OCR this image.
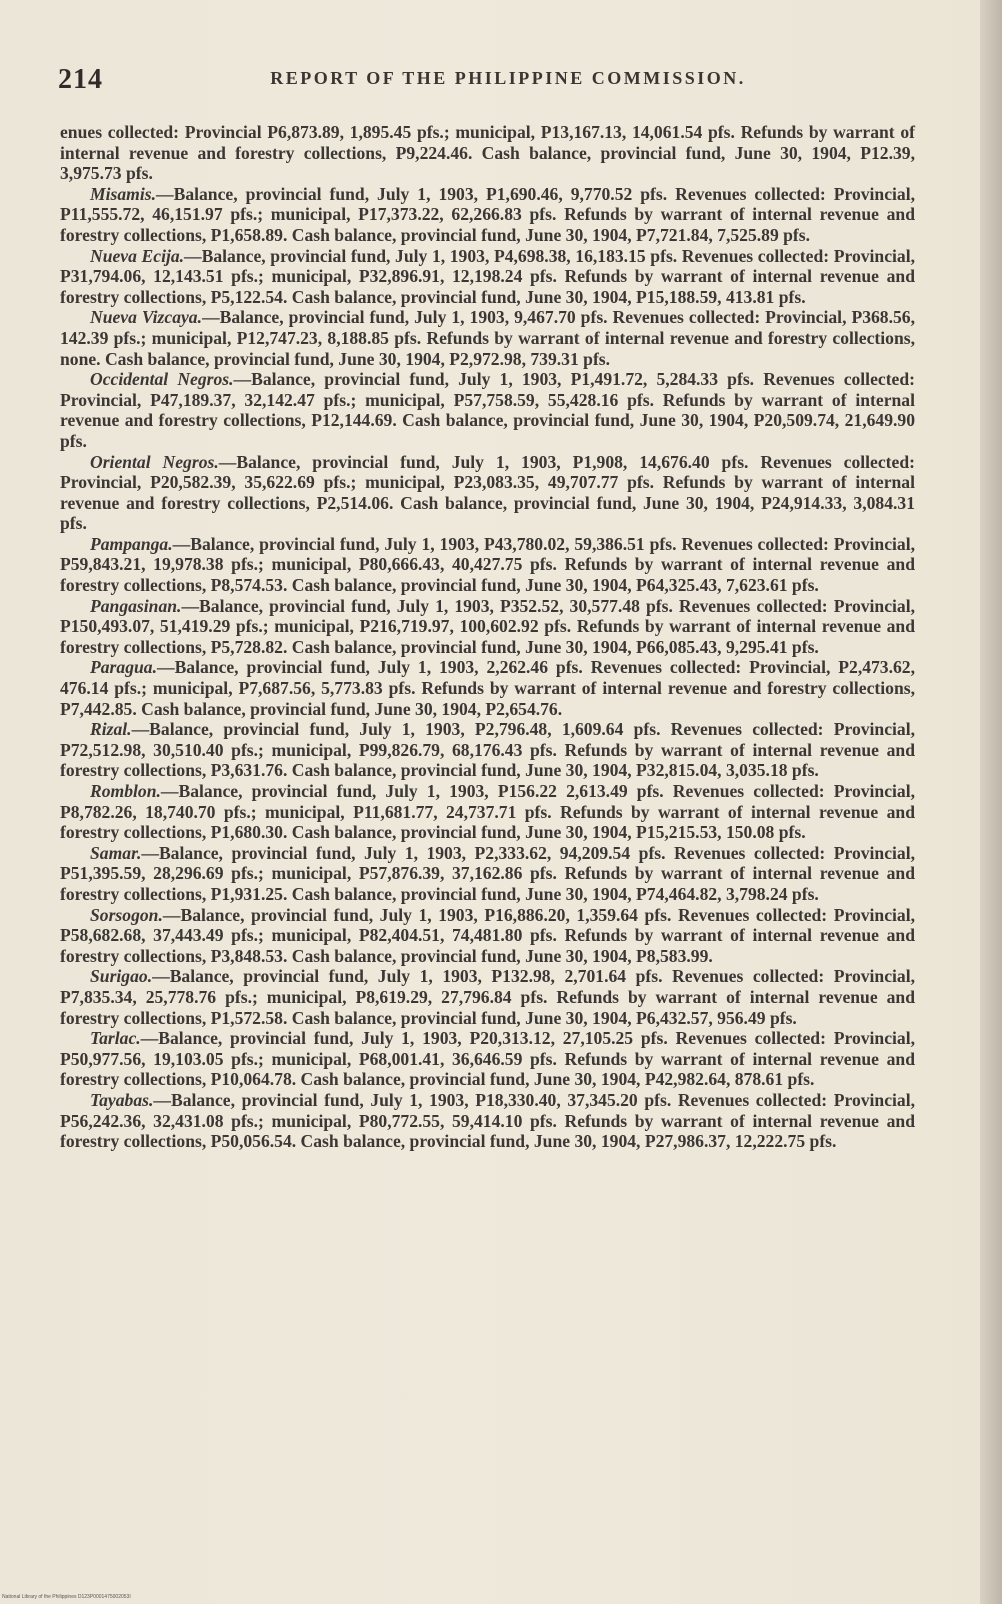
214	REPORT OF THE PHILIPPINE COMMISSION.

enues collected: Provincial P6,873.89, 1,895.45 pfs.; municipal, P13,167.13, 14,061.54 pfs. Refunds by warrant of internal revenue and forestry collections, P9,224.46. Cash balance, provincial fund, June 30, 1904, P12.39, 3,975.73 pfs.

Misamis.—Balance, provincial fund, July 1, 1903, P1,690.46, 9,770.52 pfs. Revenues collected: Provincial, P11,555.72, 46,151.97 pfs.; municipal, P17,373.22, 62,266.83 pfs. Refunds by warrant of internal revenue and forestry collections, P1,658.89. Cash balance, provincial fund, June 30, 1904, P7,721.84, 7,525.89 pfs.

Nueva Ecija.—Balance, provincial fund, July 1, 1903, P4,698.38, 16,183.15 pfs. Revenues collected: Provincial, P31,794.06, 12,143.51 pfs.; municipal, P32,896.91, 12,198.24 pfs. Refunds by warrant of internal revenue and forestry collections, P5,122.54. Cash balance, provincial fund, June 30, 1904, P15,188.59, 413.81 pfs.

Nueva Vizcaya.—Balance, provincial fund, July 1, 1903, 9,467.70 pfs. Revenues collected: Provincial, P368.56, 142.39 pfs.; municipal, P12,747.23, 8,188.85 pfs. Refunds by warrant of internal revenue and forestry collections, none. Cash balance, provincial fund, June 30, 1904, P2,972.98, 739.31 pfs.

Occidental Negros.—Balance, provincial fund, July 1, 1903, P1,491.72, 5,284.33 pfs. Revenues collected: Provincial, P47,189.37, 32,142.47 pfs.; municipal, P57,758.59, 55,428.16 pfs. Refunds by warrant of internal revenue and forestry collections, P12,144.69. Cash balance, provincial fund, June 30, 1904, P20,509.74, 21,649.90 pfs.

Oriental Negros.—Balance, provincial fund, July 1, 1903, P1,908, 14,676.40 pfs. Revenues collected: Provincial, P20,582.39, 35,622.69 pfs.; municipal, P23,083.35, 49,707.77 pfs. Refunds by warrant of internal revenue and forestry collections, P2,514.06. Cash balance, provincial fund, June 30, 1904, P24,914.33, 3,084.31 pfs.

Pampanga.—Balance, provincial fund, July 1, 1903, P43,780.02, 59,386.51 pfs. Revenues collected: Provincial, P59,843.21, 19,978.38 pfs.; municipal, P80,666.43, 40,427.75 pfs. Refunds by warrant of internal revenue and forestry collections, P8,574.53. Cash balance, provincial fund, June 30, 1904, P64,325.43, 7,623.61 pfs.

Pangasinan.—Balance, provincial fund, July 1, 1903, P352.52, 30,577.48 pfs. Revenues collected: Provincial, P150,493.07, 51,419.29 pfs.; municipal, P216,719.97, 100,602.92 pfs. Refunds by warrant of internal revenue and forestry collections, P5,728.82. Cash balance, provincial fund, June 30, 1904, P66,085.43, 9,295.41 pfs.

Paragua.—Balance, provincial fund, July 1, 1903, 2,262.46 pfs. Revenues collected: Provincial, P2,473.62, 476.14 pfs.; municipal, P7,687.56, 5,773.83 pfs. Refunds by warrant of internal revenue and forestry collections, P7,442.85. Cash balance, provincial fund, June 30, 1904, P2,654.76.

Rizal.—Balance, provincial fund, July 1, 1903, P2,796.48, 1,609.64 pfs. Revenues collected: Provincial, P72,512.98, 30,510.40 pfs.; municipal, P99,826.79, 68,176.43 pfs. Refunds by warrant of internal revenue and forestry collections, P3,631.76. Cash balance, provincial fund, June 30, 1904, P32,815.04, 3,035.18 pfs.

Romblon.—Balance, provincial fund, July 1, 1903, P156.22 2,613.49 pfs. Revenues collected: Provincial, P8,782.26, 18,740.70 pfs.; municipal, P11,681.77, 24,737.71 pfs. Refunds by warrant of internal revenue and forestry collections, P1,680.30. Cash balance, provincial fund, June 30, 1904, P15,215.53, 150.08 pfs.

Samar.—Balance, provincial fund, July 1, 1903, P2,333.62, 94,209.54 pfs. Revenues collected: Provincial, P51,395.59, 28,296.69 pfs.; municipal, P57,876.39, 37,162.86 pfs. Refunds by warrant of internal revenue and forestry collections, P1,931.25. Cash balance, provincial fund, June 30, 1904, P74,464.82, 3,798.24 pfs.

Sorsogon.—Balance, provincial fund, July 1, 1903, P16,886.20, 1,359.64 pfs. Revenues collected: Provincial, P58,682.68, 37,443.49 pfs.; municipal, P82,404.51, 74,481.80 pfs. Refunds by warrant of internal revenue and forestry collections, P3,848.53. Cash balance, provincial fund, June 30, 1904, P8,583.99.

Surigao.—Balance, provincial fund, July 1, 1903, P132.98, 2,701.64 pfs. Revenues collected: Provincial, P7,835.34, 25,778.76 pfs.; municipal, P8,619.29, 27,796.84 pfs. Refunds by warrant of internal revenue and forestry collections, P1,572.58. Cash balance, provincial fund, June 30, 1904, P6,432.57, 956.49 pfs.

Tarlac.—Balance, provincial fund, July 1, 1903, P20,313.12, 27,105.25 pfs. Revenues collected: Provincial, P50,977.56, 19,103.05 pfs.; municipal, P68,001.41, 36,646.59 pfs. Refunds by warrant of internal revenue and forestry collections, P10,064.78. Cash balance, provincial fund, June 30, 1904, P42,982.64, 878.61 pfs.

Tayabas.—Balance, provincial fund, July 1, 1903, P18,330.40, 37,345.20 pfs. Revenues collected: Provincial, P56,242.36, 32,431.08 pfs.; municipal, P80,772.55, 59,414.10 pfs. Refunds by warrant of internal revenue and forestry collections, P50,056.54. Cash balance, provincial fund, June 30, 1904, P27,986.37, 12,222.75 pfs.

National Library of the Philippines D123P0001475002053I
